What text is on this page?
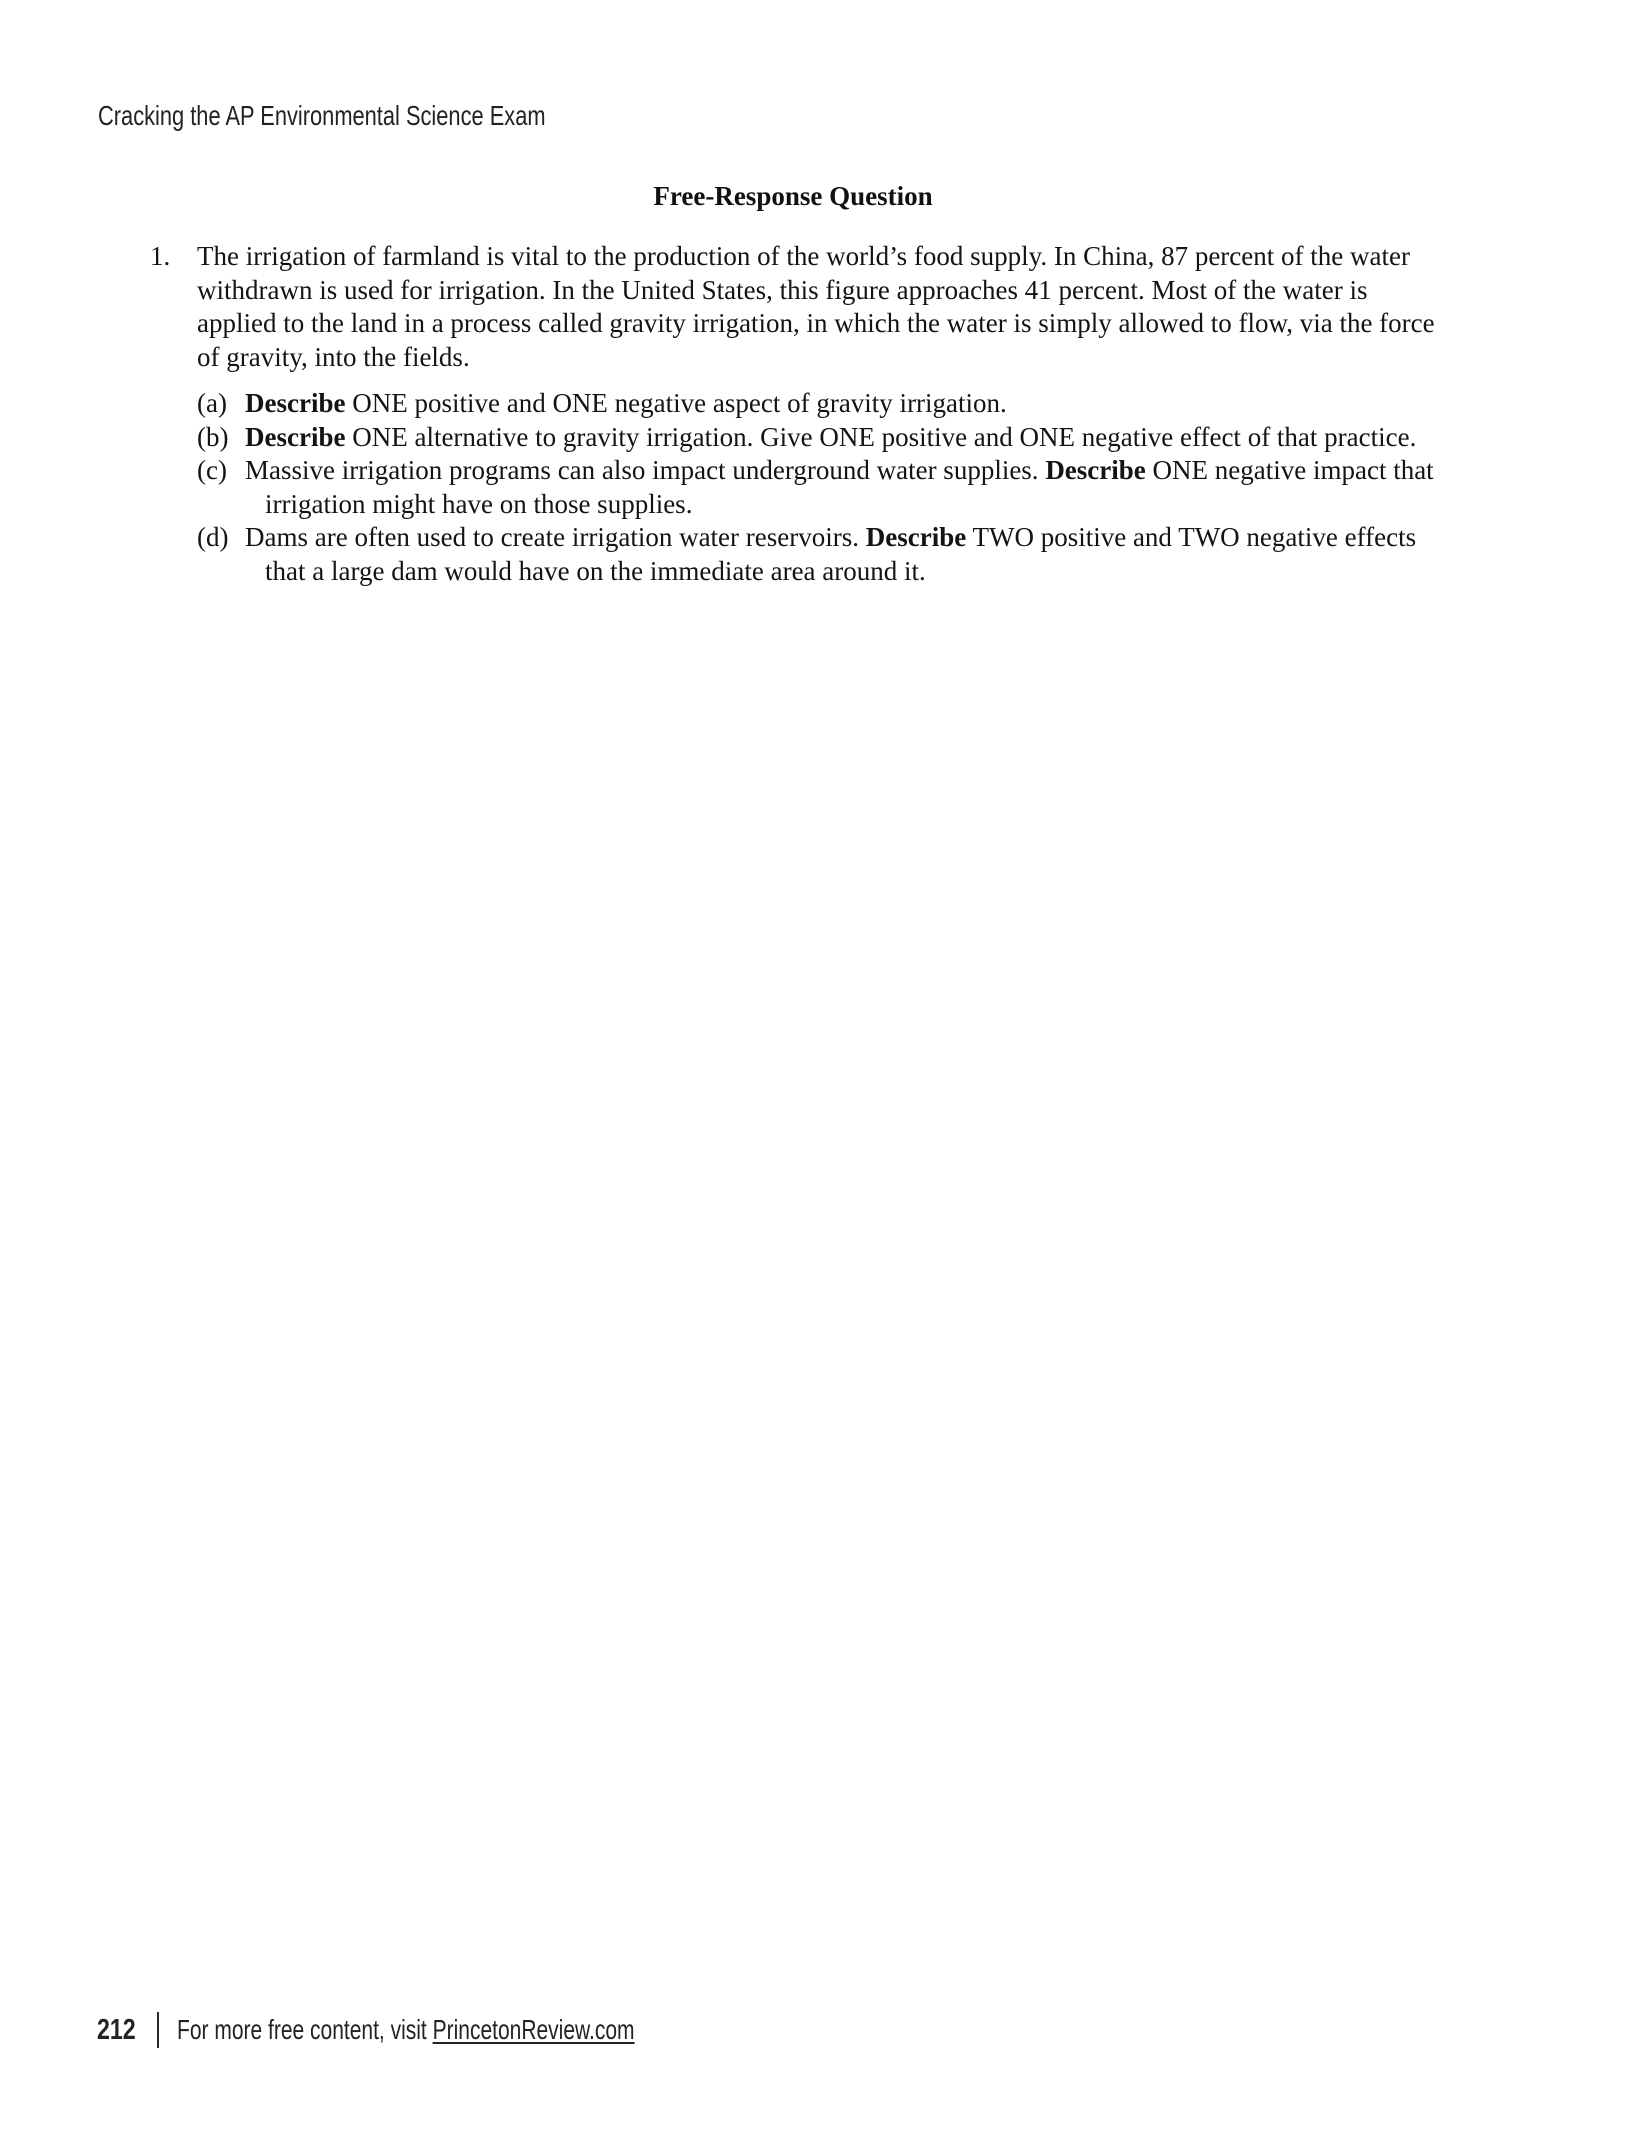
Cracking the AP Environmental Science Exam
Free-Response Question
1. The irrigation of farmland is vital to the production of the world’s food supply. In China, 87 percent of the water withdrawn is used for irrigation. In the United States, this figure approaches 41 percent. Most of the water is applied to the land in a process called gravity irrigation, in which the water is simply allowed to flow, via the force of gravity, into the fields.
(a) Describe ONE positive and ONE negative aspect of gravity irrigation.
(b) Describe ONE alternative to gravity irrigation. Give ONE positive and ONE negative effect of that practice.
(c) Massive irrigation programs can also impact underground water supplies. Describe ONE negative impact that irrigation might have on those supplies.
(d) Dams are often used to create irrigation water reservoirs. Describe TWO positive and TWO negative effects that a large dam would have on the immediate area around it.
212 For more free content, visit PrincetonReview.com
